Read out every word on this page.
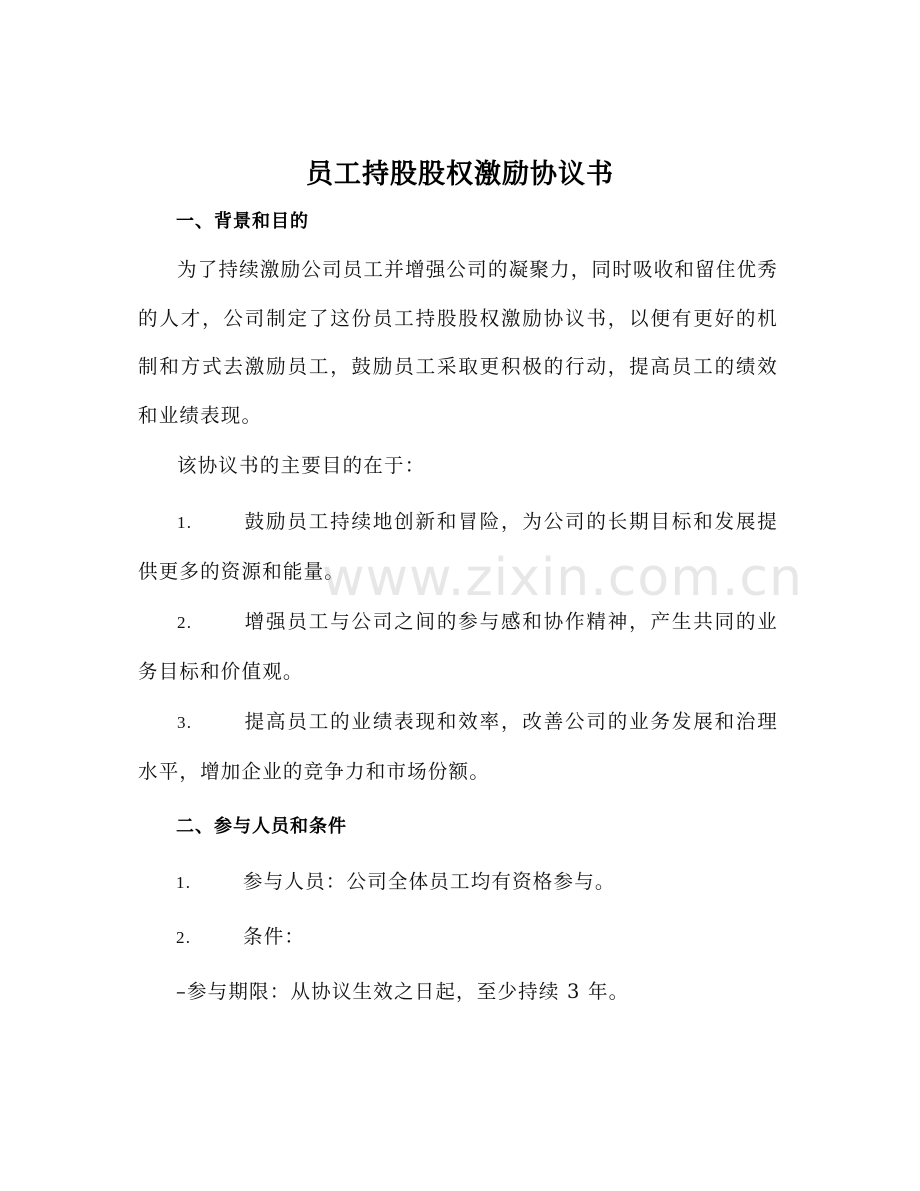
员工持股股权激励协议书
一、背景和目的
为了持续激励公司员工并增强公司的凝聚力，同时吸收和留住优秀的人才，公司制定了这份员工持股股权激励协议书，以便有更好的机制和方式去激励员工，鼓励员工采取更积极的行动，提高员工的绩效和业绩表现。
该协议书的主要目的在于：
1.	鼓励员工持续地创新和冒险，为公司的长期目标和发展提供更多的资源和能量。
2.	增强员工与公司之间的参与感和协作精神，产生共同的业务目标和价值观。
3.	提高员工的业绩表现和效率，改善公司的业务发展和治理水平，增加企业的竞争力和市场份额。
二、参与人员和条件
1.	参与人员：公司全体员工均有资格参与。
2.	条件：
–参与期限：从协议生效之日起，至少持续 3 年。
www.zixin.com.cn
